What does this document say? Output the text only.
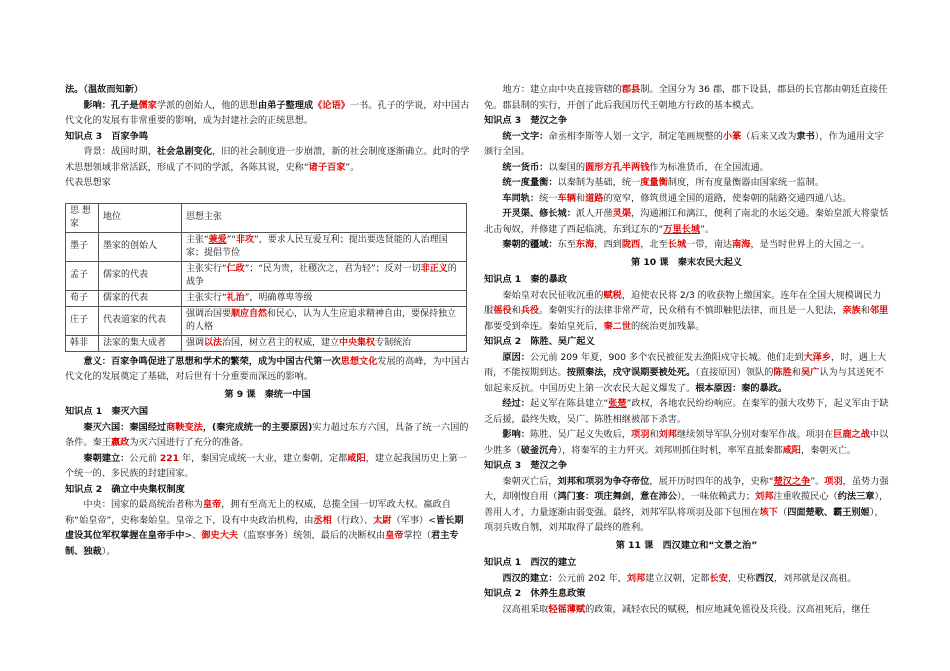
法。（温故而知新）

影响：孔子是儒家学派的创始人，他的思想由弟子整理成《论语》一书。孔子的学说，对中国古代文化的发展有非常重要的影响，成为封建社会的正统思想。

知识点 3　百家争鸣

背景：战国时期，社会急剧变化，旧的社会制度进一步崩溃，新的社会制度逐渐确立。此时的学术思想领域非常活跃，形成了不同的学派，各陈其说，史称“诸子百家”。

代表思想家

思 想家	地位	思想主张
墨子	墨家的创始人	主张“兼爱”“非攻”，要求人民互爱互利；提出要选贤能的人治理国家；提倡节俭
孟子	儒家的代表	主张实行“仁政”；“民为贵，社稷次之，君为轻”；反对一切非正义的战争
荀子	儒家的代表	主张实行“礼治”，明确尊卑等级
庄子	代表道家的代表	强调治国要顺应自然和民心，认为人生应追求精神自由，要保持独立的人格
韩非	法家的集大成者	强调以法治国，树立君主的权威，建立中央集权专制统治

意义：百家争鸣促进了思想和学术的繁荣，成为中国古代第一次思想文化发展的高峰，为中国古代文化的发展奠定了基础，对后世有十分重要而深远的影响。

第 9 课　秦统一中国

知识点 1　秦灭六国

秦灭六国：秦国经过商鞅变法，(秦完成统一的主要原因)实力超过东方六国，具备了统一六国的条件。秦王嬴政为灭六国进行了充分的准备。

秦朝建立：公元前 221 年，秦国完成统一大业，建立秦朝，定都咸阳，建立起我国历史上第一个统一的、多民族的封建国家。

知识点 2　确立中央集权制度

中央：国家的最高统治者称为皇帝，拥有至高无上的权威，总揽全国一切军政大权。嬴政自称“始皇帝”，史称秦始皇。皇帝之下，设有中央政治机构，由丞相（行政）、太尉（军事）<皆长期虚设其位军权掌握在皇帝手中>、御史大夫（监察事务）统领，最后的决断权由皇帝掌控（君主专制、独裁）。

地方：建立由中央直接管辖的郡县制。全国分为 36 郡，郡下设县，郡县的长官都由朝廷直接任免。郡县制的实行，开创了此后我国历代王朝地方行政的基本模式。

知识点 3　楚汉之争

统一文字：命丞相李斯等人划一文字，制定笔画规整的小篆（后来又改为隶书），作为通用文字颁行全国。

统一货币：以秦国的圆形方孔半两钱作为标准货币，在全国流通。

统一度量衡：以秦制为基础，统一度量衡制度，所有度量衡器由国家统一监制。

车同轨：统一车辆和道路的宽窄，修筑贯通全国的道路，使秦朝的陆路交通四通八达。

开灵渠、修长城：派人开凿灵渠，沟通湘江和漓江，便利了南北的水运交通。秦始皇派大将蒙恬北击匈奴，并修建了西起临洮，东到辽东的“万里长城”。

秦朝的疆域：东至东海，西到陇西，北至长城一带，南达南海，是当时世界上的大国之一。

第 10 课　秦末农民大起义

知识点 1　秦的暴政

秦始皇对农民征收沉重的赋税，迫使农民将 2/3 的收获物上缴国家。连年在全国大规模调民力服徭役和兵役。秦朝实行的法律非常严苛，民众稍有不慎即触犯法律，而且是一人犯法，亲族和邻里都要受到牵连。秦始皇死后，秦二世的统治更加残暴。

知识点 2　陈胜、吴广起义

原因：公元前 209 年夏，900 多个农民被征发去渔阳戍守长城。他们走到大泽乡，时，遇上大雨，不能按期到达。按照秦法，戍守误期要被处死。（直接原因）领队的陈胜和吴广认为与其送死不如起来反抗。中国历史上第一次农民大起义爆发了。根本原因：秦的暴政。

经过：起义军在陈县建立“张楚”政权，各地农民纷纷响应。在秦军的强大攻势下，起义军由于缺乏后援，最终失败，吴广、陈胜相继被部下杀害。

影响：陈胜、吴广起义失败后，项羽和刘邦继续领导军队分别对秦军作战。项羽在巨鹿之战中以少胜多（破釜沉舟），将秦军的主力歼灭。刘邦则抓住时机，率军直抵秦都咸阳，秦朝灭亡。

知识点 3　楚汉之争

秦朝灭亡后，刘邦和项羽为争夺帝位，展开历时四年的战争，史称“楚汉之争”。项羽，虽势力强大，却刚愎自用（鸿门宴：项庄舞剑，意在沛公），一味依赖武力；刘邦注重收揽民心（约法三章），善用人才，力量逐渐由弱变强。最终，刘邦军队将项羽及部下包围在垓下（四面楚歌、霸王别姬），项羽兵败自刎，刘邦取得了最终的胜利。

第 11 课　西汉建立和“文景之治”

知识点 1　西汉的建立

西汉的建立：公元前 202 年，刘邦建立汉朝，定都长安，史称西汉，刘邦就是汉高祖。

知识点 2　休养生息政策

汉高祖采取轻徭薄赋的政策，减轻农民的赋税，相应地减免徭役及兵役。汉高祖死后，继任
